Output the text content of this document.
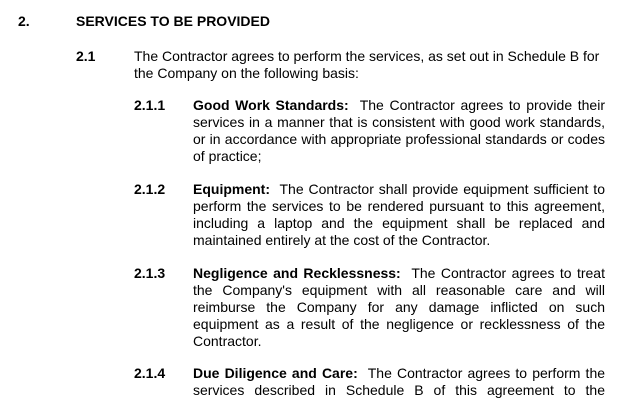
2.	SERVICES TO BE PROVIDED
2.1	The Contractor agrees to perform the services, as set out in Schedule B for the Company on the following basis:
2.1.1 Good Work Standards: The Contractor agrees to provide their services in a manner that is consistent with good work standards, or in accordance with appropriate professional standards or codes of practice;
2.1.2 Equipment: The Contractor shall provide equipment sufficient to perform the services to be rendered pursuant to this agreement, including a laptop and the equipment shall be replaced and maintained entirely at the cost of the Contractor.
2.1.3 Negligence and Recklessness: The Contractor agrees to treat the Company's equipment with all reasonable care and will reimburse the Company for any damage inflicted on such equipment as a result of the negligence or recklessness of the Contractor.
2.1.4 Due Diligence and Care: The Contractor agrees to perform the services described in Schedule B of this agreement to the
